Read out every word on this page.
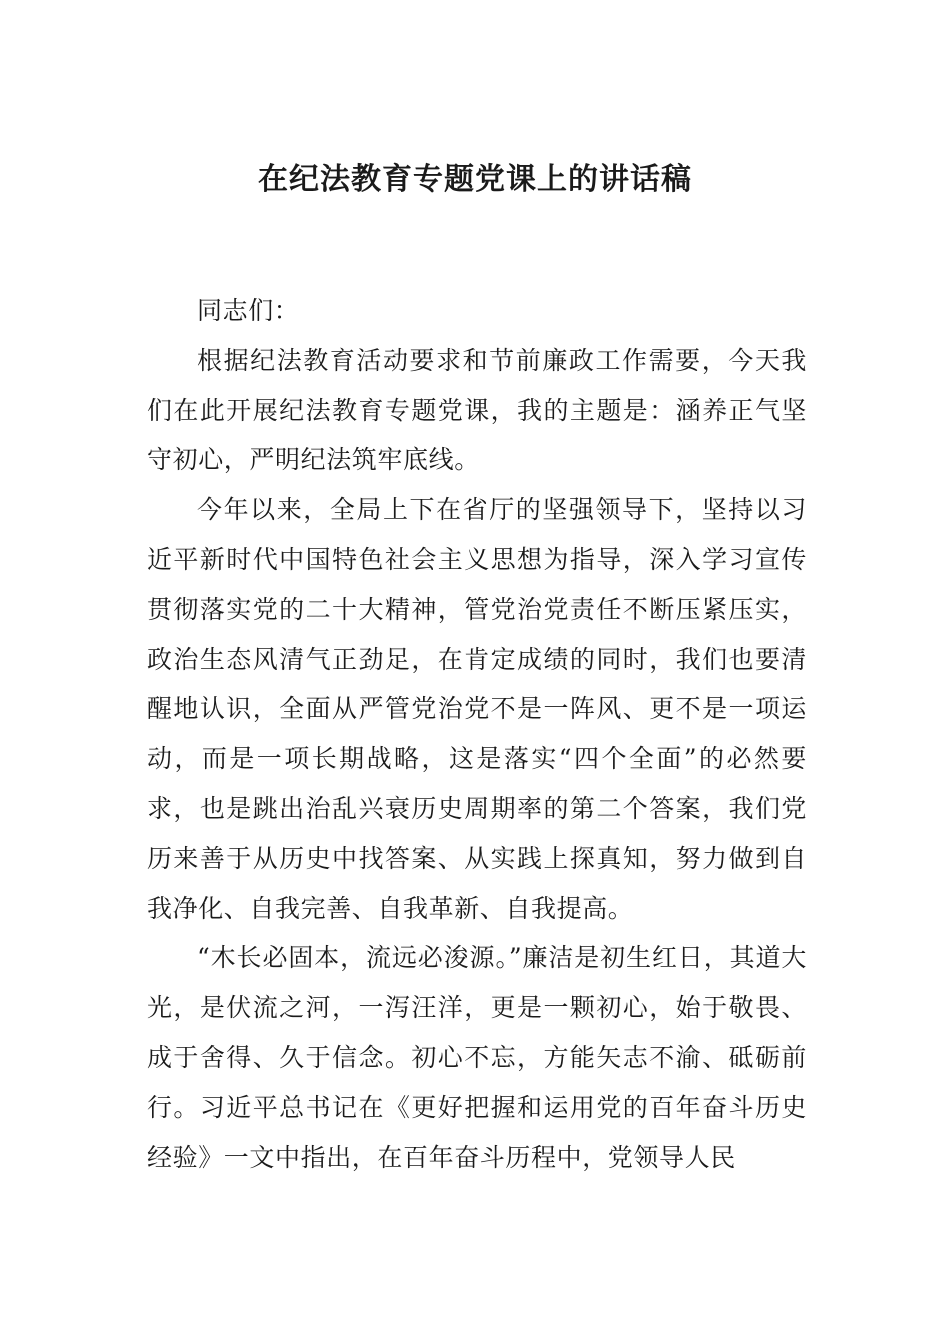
在纪法教育专题党课上的讲话稿

同志们：

根据纪法教育活动要求和节前廉政工作需要，今天我们在此开展纪法教育专题党课，我的主题是：涵养正气坚守初心，严明纪法筑牢底线。

今年以来，全局上下在省厅的坚强领导下，坚持以习近平新时代中国特色社会主义思想为指导，深入学习宣传贯彻落实党的二十大精神，管党治党责任不断压紧压实，政治生态风清气正劲足，在肯定成绩的同时，我们也要清醒地认识，全面从严管党治党不是一阵风、更不是一项运动，而是一项长期战略，这是落实“四个全面”的必然要求，也是跳出治乱兴衰历史周期率的第二个答案，我们党历来善于从历史中找答案、从实践上探真知，努力做到自我净化、自我完善、自我革新、自我提高。

“木长必固本，流远必浚源。”廉洁是初生红日，其道大光，是伏流之河，一泻汪洋，更是一颗初心，始于敬畏、成于舍得、久于信念。初心不忘，方能矢志不渝、砥砺前行。习近平总书记在《更好把握和运用党的百年奋斗历史经验》一文中指出，在百年奋斗历程中，党领导人民
